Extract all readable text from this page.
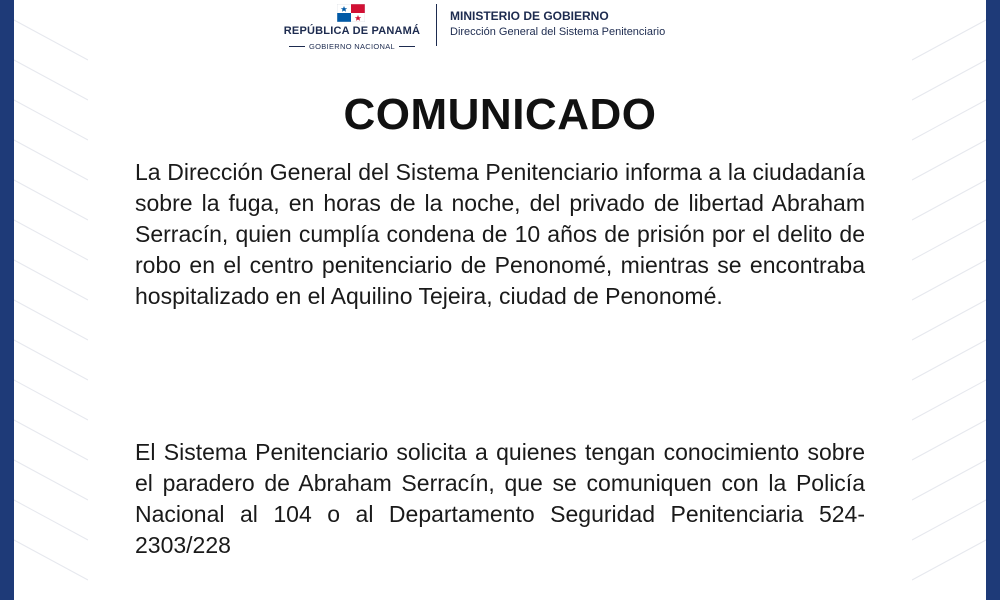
REPÚBLICA DE PANAMÁ
GOBIERNO NACIONAL
MINISTERIO DE GOBIERNO
Dirección General del Sistema Penitenciario
COMUNICADO

La Dirección General del Sistema Penitenciario informa a la ciudadanía sobre la fuga, en horas de la noche, del privado de libertad Abraham Serracín, quien cumplía condena de 10 años de prisión por el delito de robo en el centro penitenciario de Penonomé, mientras se encontraba hospitalizado en el Aquilino Tejeira, ciudad de Penonomé.

El Sistema Penitenciario solicita a quienes tengan conocimiento sobre el paradero de Abraham Serracín, que se comuniquen con la Policía Nacional al 104 o al Departamento Seguridad Penitenciaria 524-2303/228
